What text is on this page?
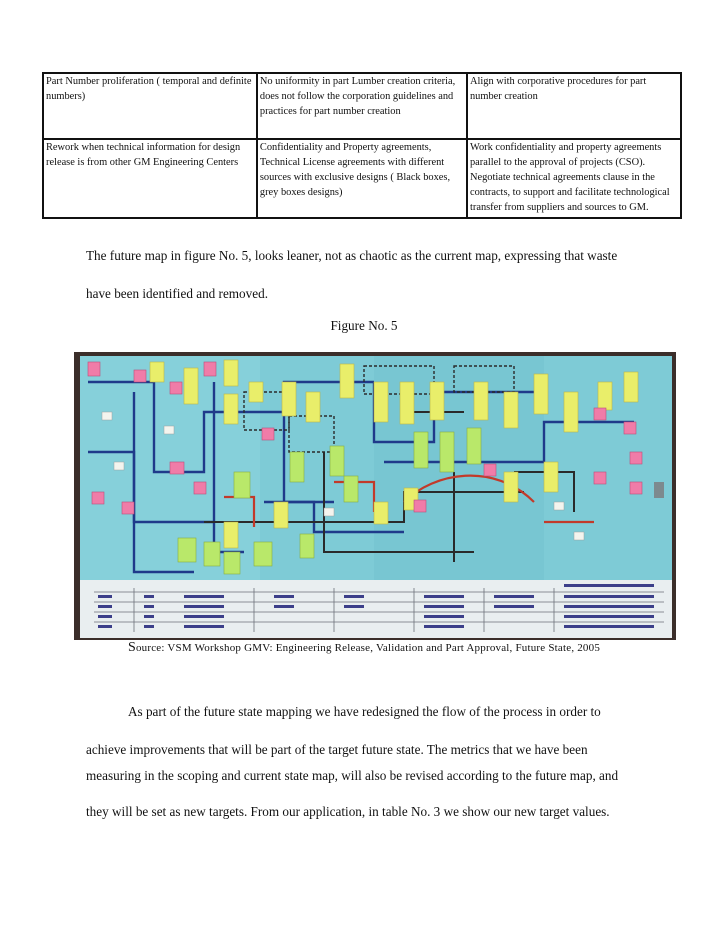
Part Number proliferation ( temporal and definite numbers)	No uniformity in part Lumber creation criteria, does not follow the corporation guidelines and practices for part number creation	Align with corporative procedures for part number creation
Rework when technical information for design release is from other GM Engineering Centers	Confidentiality and Property agreements, Technical License agreements with different sources with exclusive designs ( Black boxes, grey boxes designs)	Work confidentiality and property agreements parallel to the approval of projects (CSO). Negotiate technical agreements clause in the contracts, to support and facilitate technological transfer from suppliers and sources to GM.
The future map in figure No. 5, looks leaner, not as chaotic as the current map, expressing that waste
have been identified and removed.
Figure No. 5
Source: VSM Workshop GMV: Engineering Release, Validation and Part Approval, Future State, 2005
As part of the future state mapping we have redesigned the flow of the process in order to
achieve improvements that will be part of the target future state. The metrics that we have been
measuring in the scoping and current state map, will also be revised according to the future map, and
they will be set as new targets. From our application, in table No. 3 we show our new target values.
